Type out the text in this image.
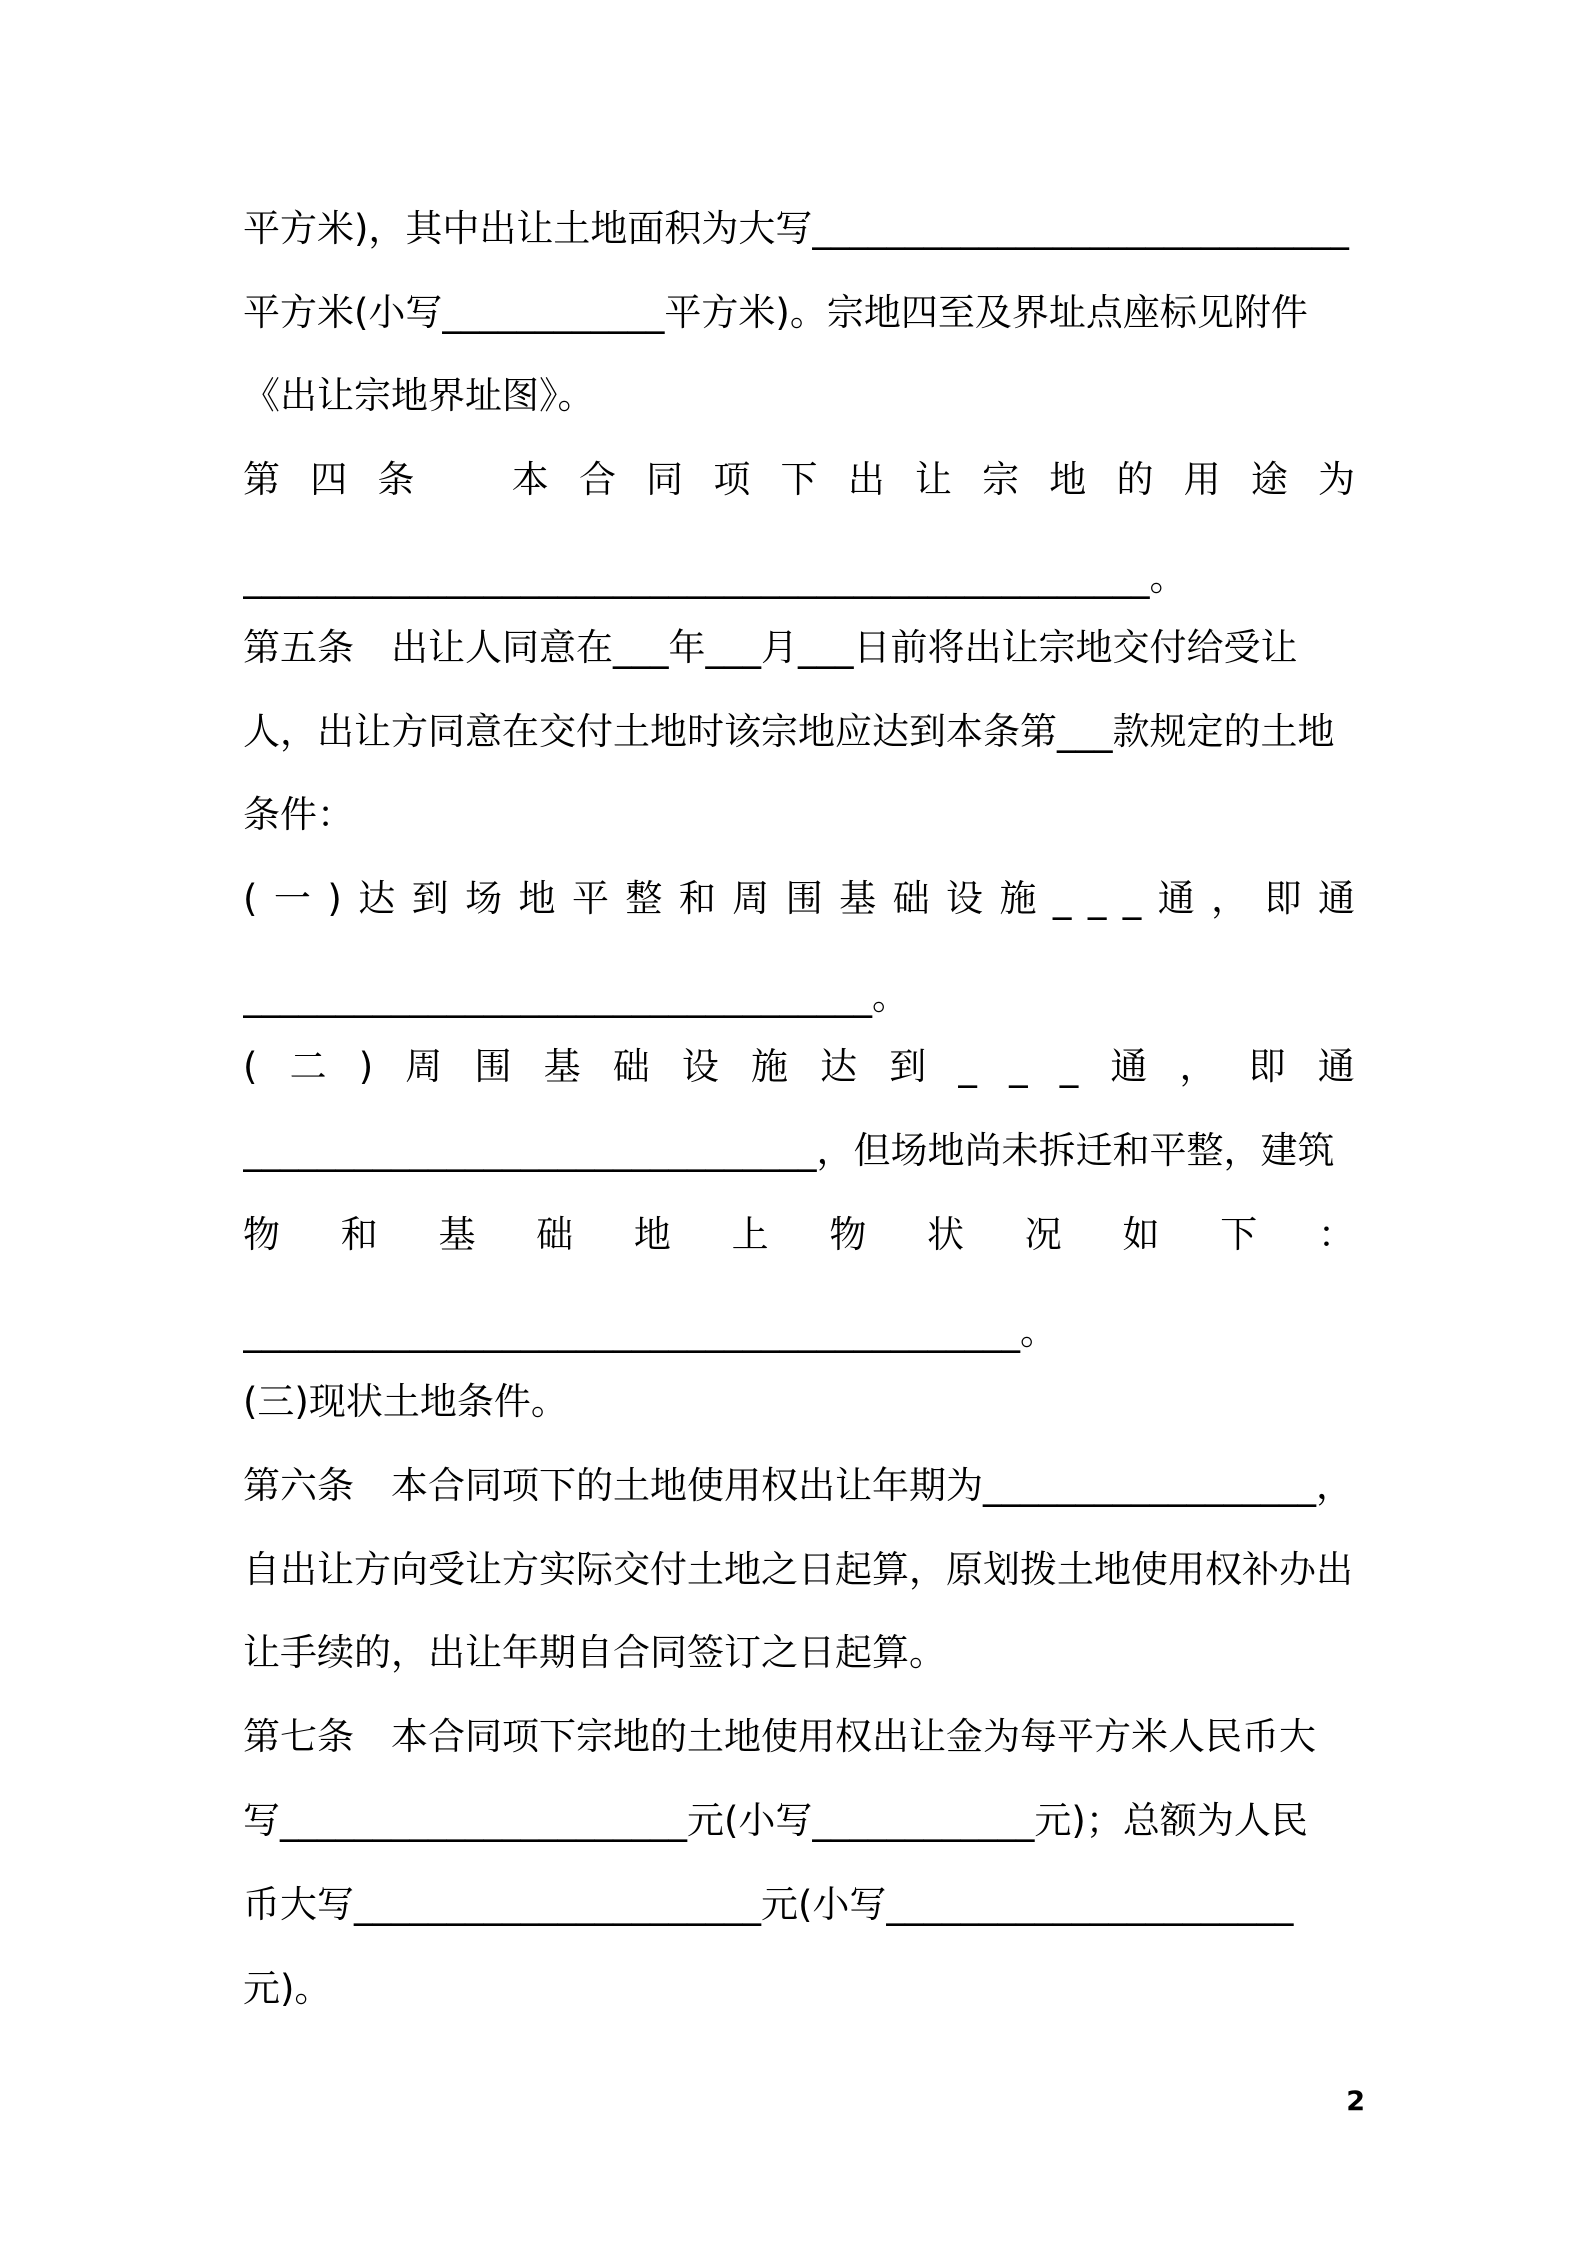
平方米)，其中出让土地面积为大写_____________________________
平方米(小写____________平方米)。宗地四至及界址点座标见附件
《出让宗地界址图》。
第 四 条
　	本 合 同 项 下 出 让 宗 地 的 用 途 为
_________________________________________________。
第五条　出让人同意在___年___月___日前将出让宗地交付给受让
人，出让方同意在交付土地时该宗地应达到本条第___款规定的土地
条件：
( 一 ) 达 到 场 地 平 整 和 周 围 基 础 设 施 _ _ _ 通 ， 即 通
__________________________________。
( 二 ) 周 围 基 础 设 施 达 到 _ _ _ 通 ， 即 通
_______________________________，但场地尚未拆迁和平整，建筑
物 和 基 础 地 上 物 状 况 如 下 ：
__________________________________________。
(三)现状土地条件。
第六条　本合同项下的土地使用权出让年期为__________________，
自出让方向受让方实际交付土地之日起算，原划拨土地使用权补办出
让手续的，出让年期自合同签订之日起算。
第七条　本合同项下宗地的土地使用权出让金为每平方米人民币大
写______________________元(小写____________元)；总额为人民
币大写______________________元(小写______________________
元)。
2
